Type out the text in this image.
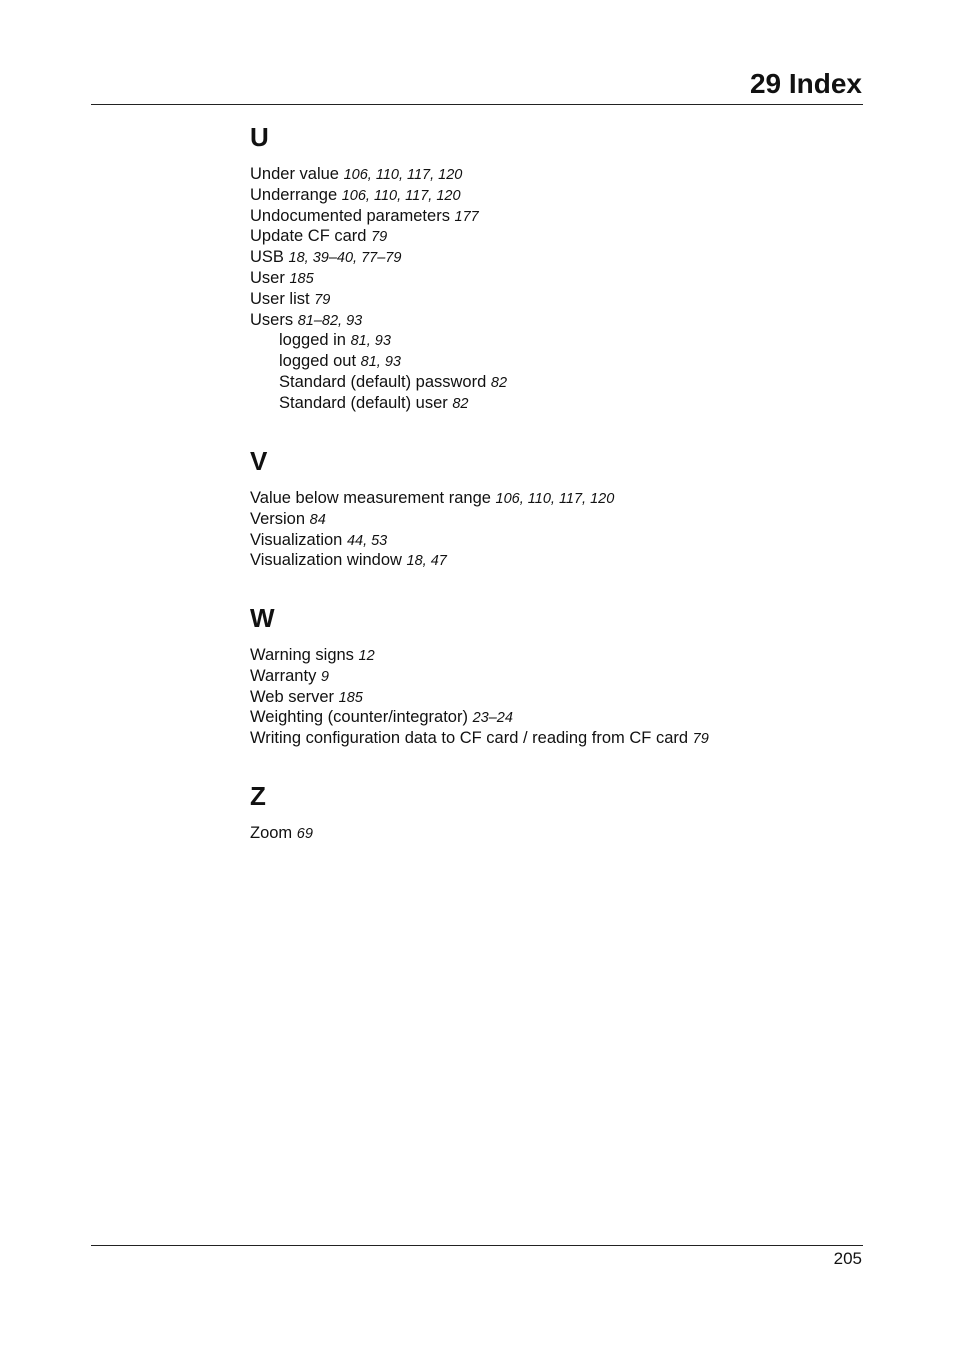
29 Index
U
Under value 106, 110, 117, 120
Underrange 106, 110, 117, 120
Undocumented parameters 177
Update CF card 79
USB 18, 39–40, 77–79
User 185
User list 79
Users 81–82, 93
logged in 81, 93
logged out 81, 93
Standard (default) password 82
Standard (default) user 82
V
Value below measurement range 106, 110, 117, 120
Version 84
Visualization 44, 53
Visualization window 18, 47
W
Warning signs 12
Warranty 9
Web server 185
Weighting (counter/integrator) 23–24
Writing configuration data to CF card / reading from CF card 79
Z
Zoom 69
205
